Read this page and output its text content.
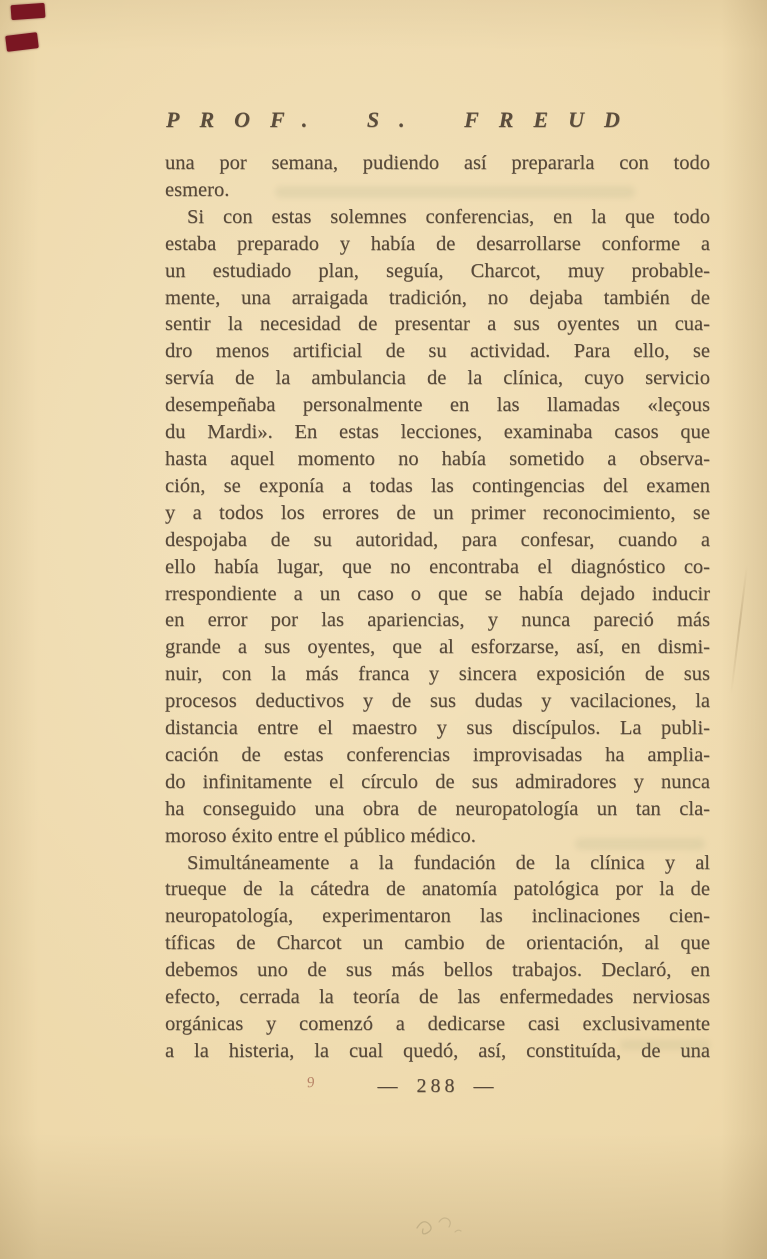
PROF. S. FREUD
una por semana, pudiendo así prepararla con todo
esmero.
Si con estas solemnes conferencias, en la que todo
estaba preparado y había de desarrollarse conforme a
un estudiado plan, seguía, Charcot, muy probable-
mente, una arraigada tradición, no dejaba también de
sentir la necesidad de presentar a sus oyentes un cua-
dro menos artificial de su actividad. Para ello, se
servía de la ambulancia de la clínica, cuyo servicio
desempeñaba personalmente en las llamadas «leçous
du Mardi». En estas lecciones, examinaba casos que
hasta aquel momento no había sometido a observa-
ción, se exponía a todas las contingencias del examen
y a todos los errores de un primer reconocimiento, se
despojaba de su autoridad, para confesar, cuando a
ello había lugar, que no encontraba el diagnóstico co-
rrespondiente a un caso o que se había dejado inducir
en error por las apariencias, y nunca pareció más
grande a sus oyentes, que al esforzarse, así, en dismi-
nuir, con la más franca y sincera exposición de sus
procesos deductivos y de sus dudas y vacilaciones, la
distancia entre el maestro y sus discípulos. La publi-
cación de estas conferencias improvisadas ha amplia-
do infinitamente el círculo de sus admiradores y nunca
ha conseguido una obra de neuropatología un tan cla-
moroso éxito entre el público médico.
Simultáneamente a la fundación de la clínica y al
trueque de la cátedra de anatomía patológica por la de
neuropatología, experimentaron las inclinaciones cien-
tíficas de Charcot un cambio de orientación, al que
debemos uno de sus más bellos trabajos. Declaró, en
efecto, cerrada la teoría de las enfermedades nerviosas
orgánicas y comenzó a dedicarse casi exclusivamente
a la histeria, la cual quedó, así, constituída, de una
9	— 288 —
